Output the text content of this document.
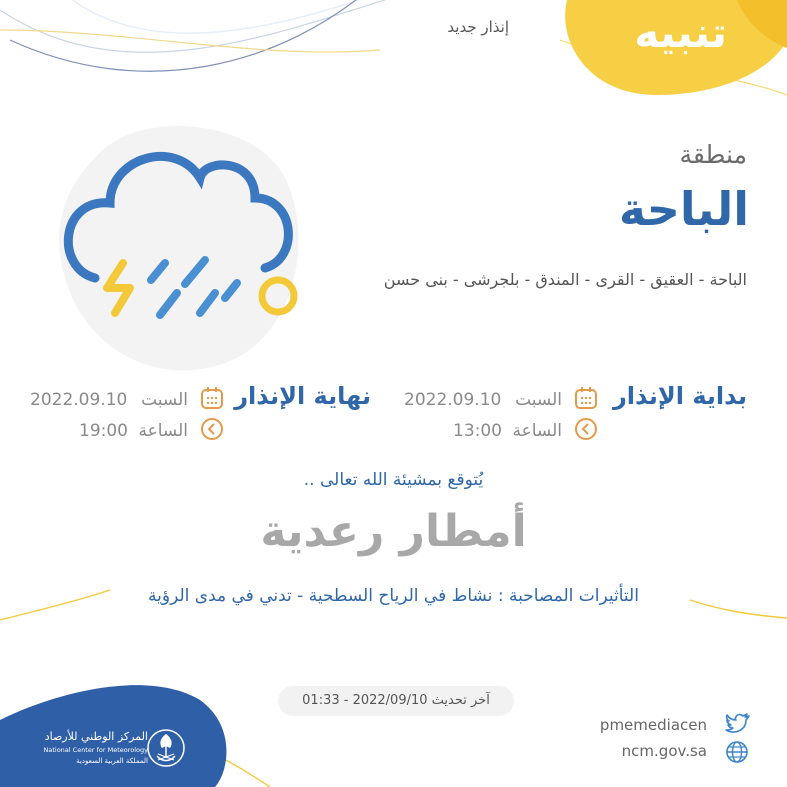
تنبيه
إنذار جديد
منطقة
الباحة
الباحة - العقيق - القرى - المندق - بلجرشى - بنى حسن
بداية الإنذار
السبت
2022.09.10
الساعة
13:00
نهاية الإنذار
السبت
2022.09.10
الساعة
19:00
يُتوقع بمشيئة الله تعالى ..
أمطار رعدية
التأثيرات المصاحبة : نشاط في الرياح السطحية - تدني في مدى الرؤية
آخر تحديث 2022/09/10 - 01:33
pmemediacen
ncm.gov.sa
المركز الوطني للأرصاد
National Center for Meteorology
المملكة العربية السعودية
